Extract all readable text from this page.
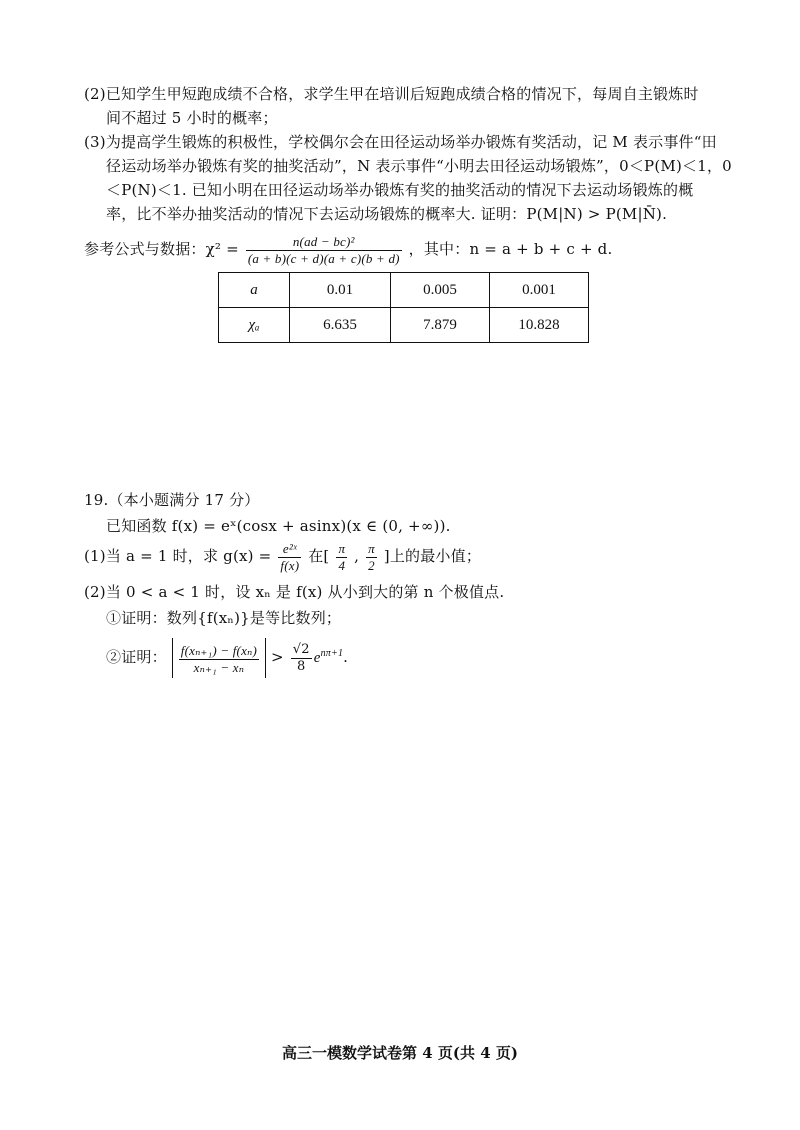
(2)已知学生甲短跑成绩不合格，求学生甲在培训后短跑成绩合格的情况下，每周自主锻炼时
间不超过 5 小时的概率；
(3)为提高学生锻炼的积极性，学校偶尔会在田径运动场举办锻炼有奖活动，记 M 表示事件“田
径运动场举办锻炼有奖的抽奖活动”，N 表示事件“小明去田径运动场锻炼”，0＜P(M)＜1，0
＜P(N)＜1. 已知小明在田径运动场举办锻炼有奖的抽奖活动的情况下去运动场锻炼的概
率，比不举办抽奖活动的情况下去运动场锻炼的概率大. 证明：P(M|N) > P(M|N̄).
参考公式与数据：$\chi^2 = \frac{\text{n(ad − bc)²}}{(a + b)(c + d)(a + c)(b + d)}$ ，其中：n = a + b + c + d.
a	0.01	0.005	0.001
χₐ	6.635	7.879	10.828
19.（本小题满分 17 分）
已知函数 f(x) = eˣ(cosx + asinx)(x ∈ (0, +∞)).
(1)当 a = 1 时，求 $g(x) = \frac{\text{e²ˣ}}{f(x)}$ 在[ $\frac{\pi}{4}$ , $\frac{\pi}{2}$ ]上的最小值；
(2)当 0 < a < 1 时，设 xₙ 是 f(x) 从小到大的第 n 个极值点.
①证明：数列{f(xₙ)}是等比数列；
②证明： $\frac{\text{f(xₙ₊₁) − f(xₙ)}}{\text{xₙ₊₁ − xₙ}} > \frac{√2}{8} e^{n\pi+1}$.
高三一模数学试卷第 4 页(共 4 页)
